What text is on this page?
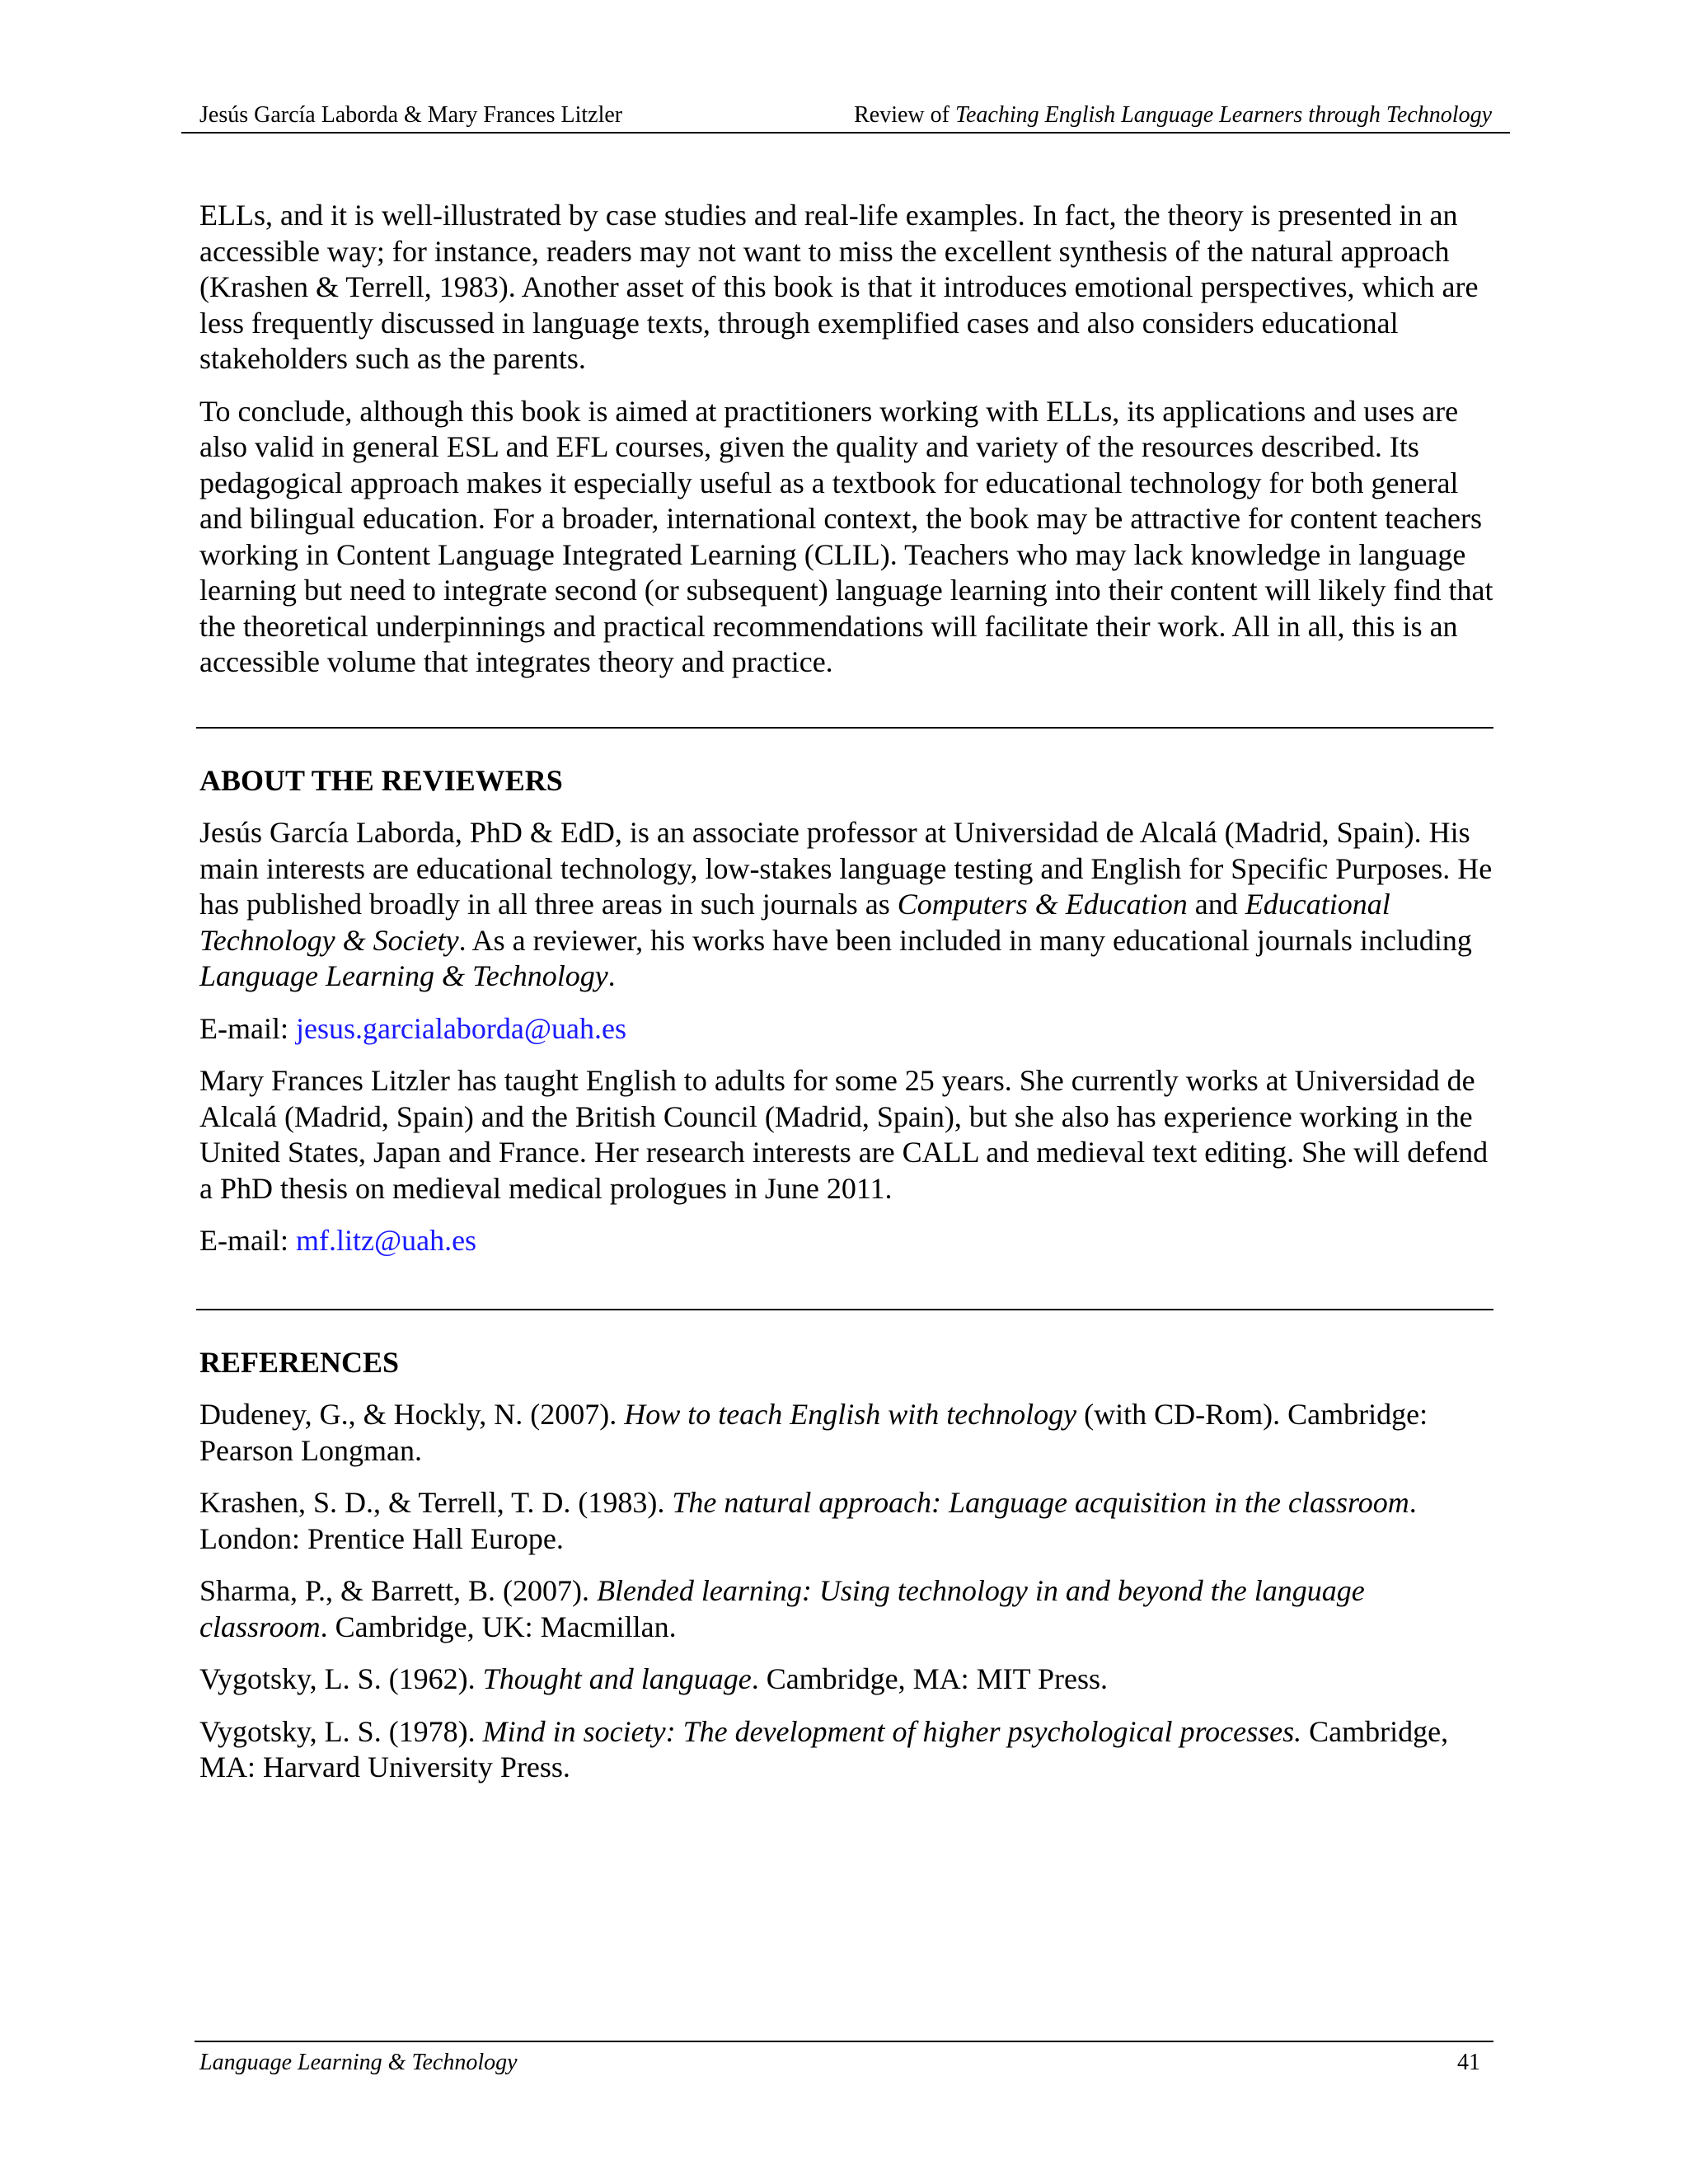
Jesús García Laborda & Mary Frances Litzler	Review of Teaching English Language Learners through Technology

ELLs, and it is well-illustrated by case studies and real-life examples. In fact, the theory is presented in an accessible way; for instance, readers may not want to miss the excellent synthesis of the natural approach (Krashen & Terrell, 1983). Another asset of this book is that it introduces emotional perspectives, which are less frequently discussed in language texts, through exemplified cases and also considers educational stakeholders such as the parents.

To conclude, although this book is aimed at practitioners working with ELLs, its applications and uses are also valid in general ESL and EFL courses, given the quality and variety of the resources described. Its pedagogical approach makes it especially useful as a textbook for educational technology for both general and bilingual education. For a broader, international context, the book may be attractive for content teachers working in Content Language Integrated Learning (CLIL). Teachers who may lack knowledge in language learning but need to integrate second (or subsequent) language learning into their content will likely find that the theoretical underpinnings and practical recommendations will facilitate their work. All in all, this is an accessible volume that integrates theory and practice.

ABOUT THE REVIEWERS

Jesús García Laborda, PhD & EdD, is an associate professor at Universidad de Alcalá (Madrid, Spain). His main interests are educational technology, low-stakes language testing and English for Specific Purposes. He has published broadly in all three areas in such journals as Computers & Education and Educational Technology & Society. As a reviewer, his works have been included in many educational journals including Language Learning & Technology.

E-mail: jesus.garcialaborda@uah.es

Mary Frances Litzler has taught English to adults for some 25 years. She currently works at Universidad de Alcalá (Madrid, Spain) and the British Council (Madrid, Spain), but she also has experience working in the United States, Japan and France. Her research interests are CALL and medieval text editing. She will defend a PhD thesis on medieval medical prologues in June 2011.

E-mail: mf.litz@uah.es

REFERENCES

Dudeney, G., & Hockly, N. (2007). How to teach English with technology (with CD-Rom). Cambridge: Pearson Longman.

Krashen, S. D., & Terrell, T. D. (1983). The natural approach: Language acquisition in the classroom. London: Prentice Hall Europe.

Sharma, P., & Barrett, B. (2007). Blended learning: Using technology in and beyond the language classroom. Cambridge, UK: Macmillan.

Vygotsky, L. S. (1962). Thought and language. Cambridge, MA: MIT Press.

Vygotsky, L. S. (1978). Mind in society: The development of higher psychological processes. Cambridge, MA: Harvard University Press.

Language Learning & Technology	41
